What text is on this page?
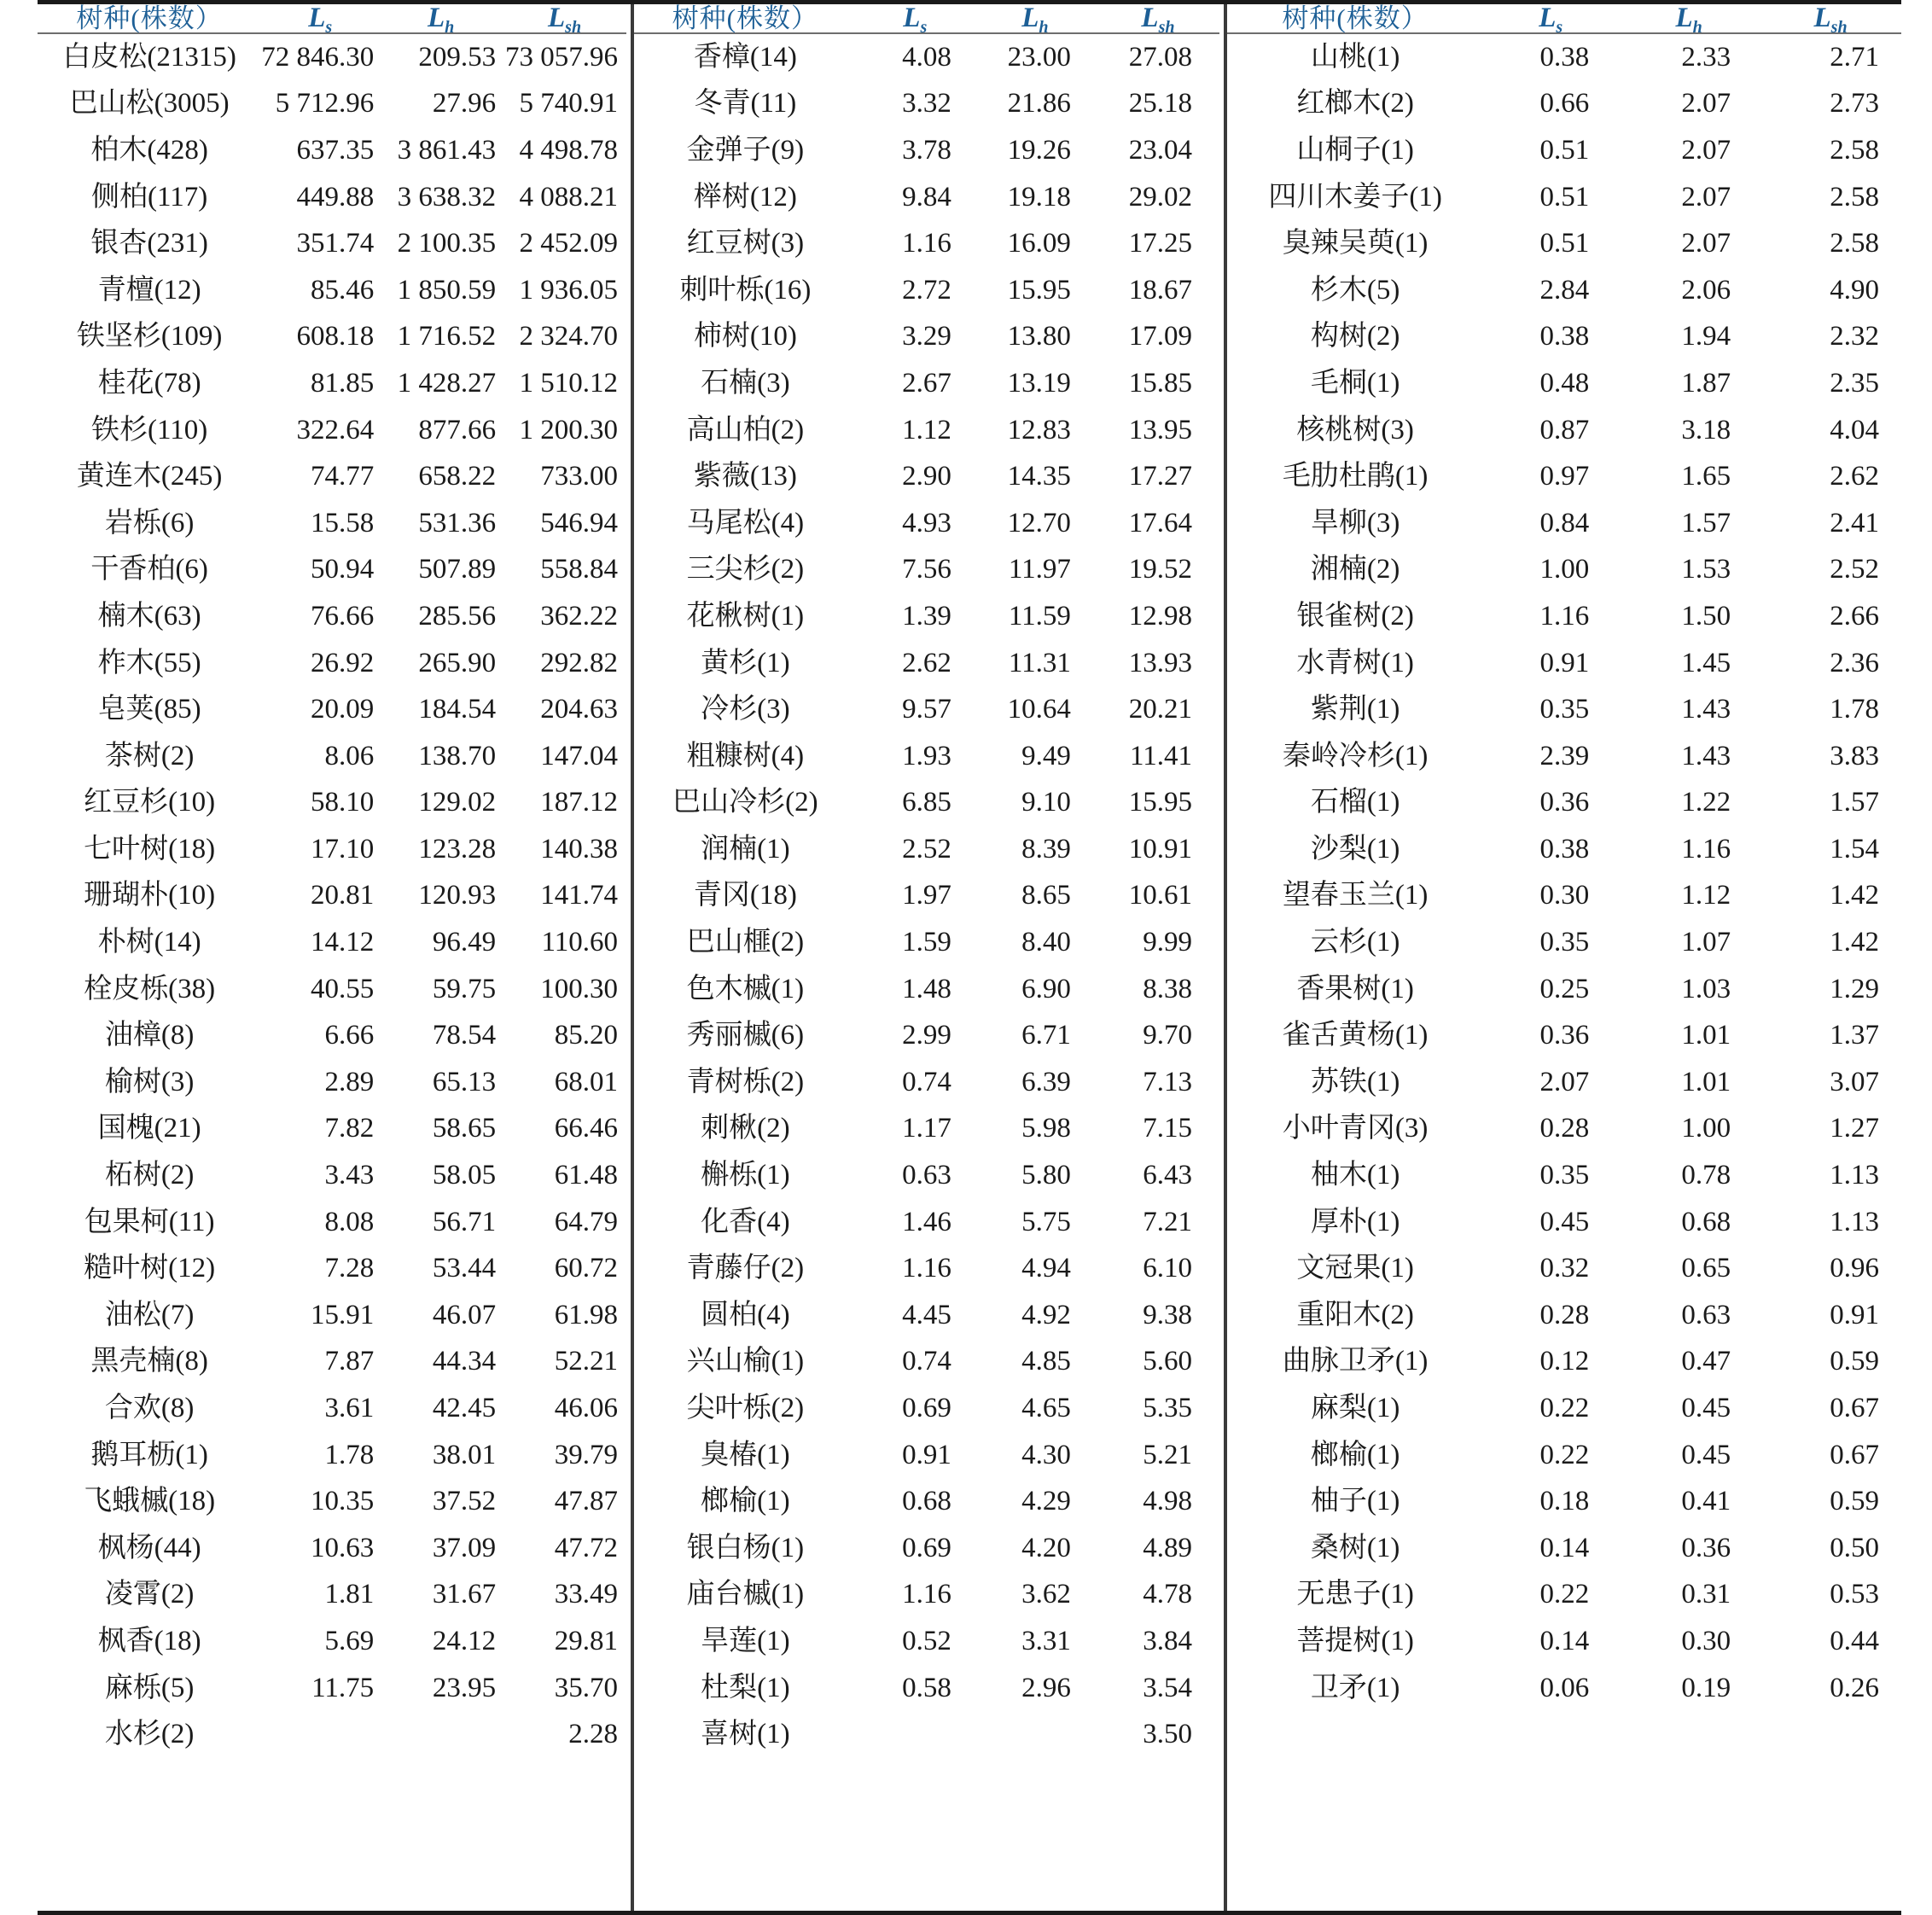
树种(株数）	$L_s$	$L_h$	$L_{sh}$
白皮松(21315)	72 846.30	209.53	73 057.96
巴山松(3005)	5 712.96	27.96	5 740.91
柏木(428)	637.35	3 861.43	4 498.78
侧柏(117)	449.88	3 638.32	4 088.21
银杏(231)	351.74	2 100.35	2 452.09
青檀(12)	85.46	1 850.59	1 936.05
铁坚杉(109)	608.18	1 716.52	2 324.70
桂花(78)	81.85	1 428.27	1 510.12
铁杉(110)	322.64	877.66	1 200.30
黄连木(245)	74.77	658.22	733.00
岩栎(6)	15.58	531.36	546.94
干香柏(6)	50.94	507.89	558.84
楠木(63)	76.66	285.56	362.22
柞木(55)	26.92	265.90	292.82
皂荚(85)	20.09	184.54	204.63
茶树(2)	8.06	138.70	147.04
红豆杉(10)	58.10	129.02	187.12
七叶树(18)	17.10	123.28	140.38
珊瑚朴(10)	20.81	120.93	141.74
朴树(14)	14.12	96.49	110.60
栓皮栎(38)	40.55	59.75	100.30
油樟(8)	6.66	78.54	85.20
榆树(3)	2.89	65.13	68.01
国槐(21)	7.82	58.65	66.46
柘树(2)	3.43	58.05	61.48
包果柯(11)	8.08	56.71	64.79
糙叶树(12)	7.28	53.44	60.72
油松(7)	15.91	46.07	61.98
黑壳楠(8)	7.87	44.34	52.21
合欢(8)	3.61	42.45	46.06
鹅耳枥(1)	1.78	38.01	39.79
飞蛾槭(18)	10.35	37.52	47.87
枫杨(44)	10.63	37.09	47.72
凌霄(2)	1.81	31.67	33.49
枫香(18)	5.69	24.12	29.81
麻栎(5)	11.75	23.95	35.70
水杉(2)			2.28
树种(株数）	$L_s$	$L_h$	$L_{sh}$
香樟(14)	4.08	23.00	27.08
冬青(11)	3.32	21.86	25.18
金弹子(9)	3.78	19.26	23.04
榉树(12)	9.84	19.18	29.02
红豆树(3)	1.16	16.09	17.25
刺叶栎(16)	2.72	15.95	18.67
柿树(10)	3.29	13.80	17.09
石楠(3)	2.67	13.19	15.85
高山柏(2)	1.12	12.83	13.95
紫薇(13)	2.90	14.35	17.27
马尾松(4)	4.93	12.70	17.64
三尖杉(2)	7.56	11.97	19.52
花楸树(1)	1.39	11.59	12.98
黄杉(1)	2.62	11.31	13.93
冷杉(3)	9.57	10.64	20.21
粗糠树(4)	1.93	9.49	11.41
巴山冷杉(2)	6.85	9.10	15.95
润楠(1)	2.52	8.39	10.91
青冈(18)	1.97	8.65	10.61
巴山榧(2)	1.59	8.40	9.99
色木槭(1)	1.48	6.90	8.38
秀丽槭(6)	2.99	6.71	9.70
青树栎(2)	0.74	6.39	7.13
刺楸(2)	1.17	5.98	7.15
槲栎(1)	0.63	5.80	6.43
化香(4)	1.46	5.75	7.21
青藤仔(2)	1.16	4.94	6.10
圆柏(4)	4.45	4.92	9.38
兴山榆(1)	0.74	4.85	5.60
尖叶栎(2)	0.69	4.65	5.35
臭椿(1)	0.91	4.30	5.21
榔榆(1)	0.68	4.29	4.98
银白杨(1)	0.69	4.20	4.89
庙台槭(1)	1.16	3.62	4.78
旱莲(1)	0.52	3.31	3.84
杜梨(1)	0.58	2.96	3.54
喜树(1)			3.50
树种(株数）	$L_s$	$L_h$	$L_{sh}$
山桃(1)	0.38	2.33	2.71
红榔木(2)	0.66	2.07	2.73
山桐子(1)	0.51	2.07	2.58
四川木姜子(1)	0.51	2.07	2.58
臭辣吴萸(1)	0.51	2.07	2.58
杉木(5)	2.84	2.06	4.90
构树(2)	0.38	1.94	2.32
毛桐(1)	0.48	1.87	2.35
核桃树(3)	0.87	3.18	4.04
毛肋杜鹃(1)	0.97	1.65	2.62
旱柳(3)	0.84	1.57	2.41
湘楠(2)	1.00	1.53	2.52
银雀树(2)	1.16	1.50	2.66
水青树(1)	0.91	1.45	2.36
紫荆(1)	0.35	1.43	1.78
秦岭冷杉(1)	2.39	1.43	3.83
石榴(1)	0.36	1.22	1.57
沙梨(1)	0.38	1.16	1.54
望春玉兰(1)	0.30	1.12	1.42
云杉(1)	0.35	1.07	1.42
香果树(1)	0.25	1.03	1.29
雀舌黄杨(1)	0.36	1.01	1.37
苏铁(1)	2.07	1.01	3.07
小叶青冈(3)	0.28	1.00	1.27
柚木(1)	0.35	0.78	1.13
厚朴(1)	0.45	0.68	1.13
文冠果(1)	0.32	0.65	0.96
重阳木(2)	0.28	0.63	0.91
曲脉卫矛(1)	0.12	0.47	0.59
麻梨(1)	0.22	0.45	0.67
榔榆(1)	0.22	0.45	0.67
柚子(1)	0.18	0.41	0.59
桑树(1)	0.14	0.36	0.50
无患子(1)	0.22	0.31	0.53
菩提树(1)	0.14	0.30	0.44
卫矛(1)	0.06	0.19	0.26
